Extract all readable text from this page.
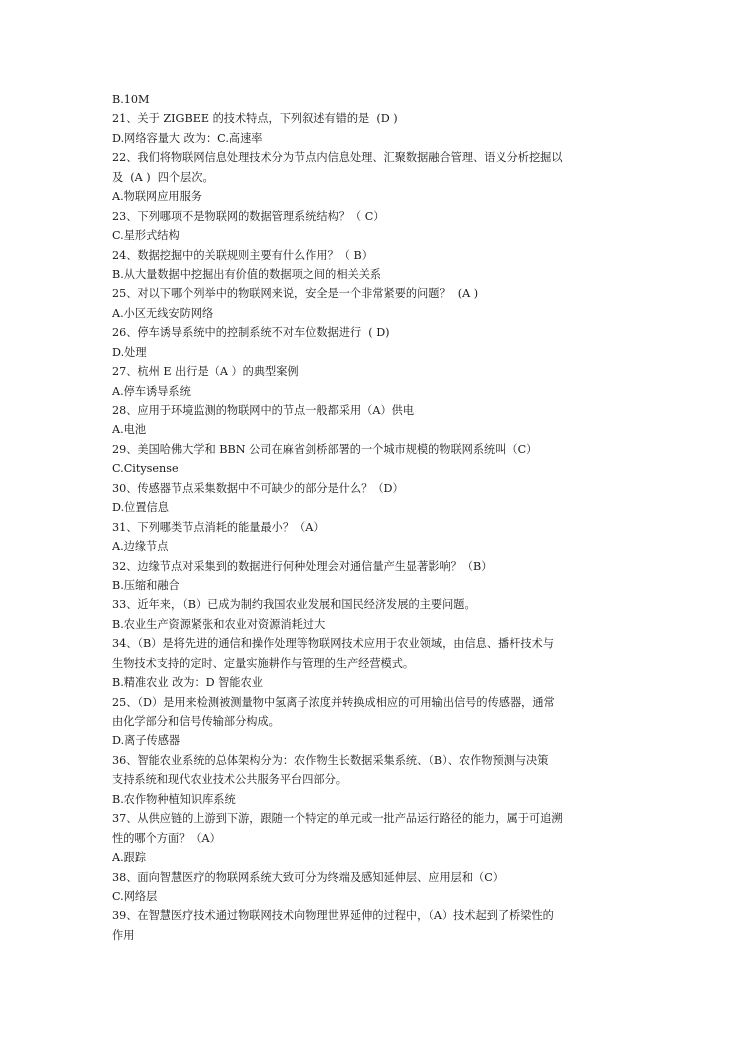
B.10M
21、关于 ZIGBEE 的技术特点，下列叙述有错的是  (D )
D.网络容量大 改为：C.高速率
22、我们将物联网信息处理技术分为节点内信息处理、汇聚数据融合管理、语义分析挖掘以
及  (A )  四个层次。
A.物联网应用服务
23、下列哪项不是物联网的数据管理系统结构？（ C）
C.星形式结构
24、数据挖掘中的关联规则主要有什么作用？（ B）
B.从大量数据中挖掘出有价值的数据项之间的相关关系
25、对以下哪个列举中的物联网来说，安全是一个非常紧要的问题？  (A )
A.小区无线安防网络
26、停车诱导系统中的控制系统不对车位数据进行  ( D)
D.处理
27、杭州 E 出行是（A ）的典型案例
A.停车诱导系统
28、应用于环境监测的物联网中的节点一般都采用（A）供电
A.电池
29、美国哈佛大学和 BBN 公司在麻省剑桥部署的一个城市规模的物联网系统叫（C）
C.Citysense
30、传感器节点采集数据中不可缺少的部分是什么？（D）
D.位置信息
31、下列哪类节点消耗的能量最小？（A）
A.边缘节点
32、边缘节点对采集到的数据进行何种处理会对通信量产生显著影响？（B）
B.压缩和融合
33、近年来，（B）已成为制约我国农业发展和国民经济发展的主要问题。
B.农业生产资源紧张和农业对资源消耗过大
34、（B）是将先进的通信和操作处理等物联网技术应用于农业领域，由信息、播杆技术与
生物技术支持的定时、定量实施耕作与管理的生产经营模式。
B.精准农业 改为：D 智能农业
25、（D）是用来检测被测量物中氢离子浓度并转换成相应的可用输出信号的传感器，通常
由化学部分和信号传输部分构成。
D.离子传感器
36、智能农业系统的总体架构分为：农作物生长数据采集系统、（B）、农作物预测与决策
支持系统和现代农业技术公共服务平台四部分。
B.农作物种植知识库系统
37、从供应链的上游到下游，跟随一个特定的单元或一批产品运行路径的能力，属于可追溯
性的哪个方面？（A）
A.跟踪
38、面向智慧医疗的物联网系统大致可分为终端及感知延伸层、应用层和（C）
C.网络层
39、在智慧医疗技术通过物联网技术向物理世界延伸的过程中，（A）技术起到了桥梁性的
作用
